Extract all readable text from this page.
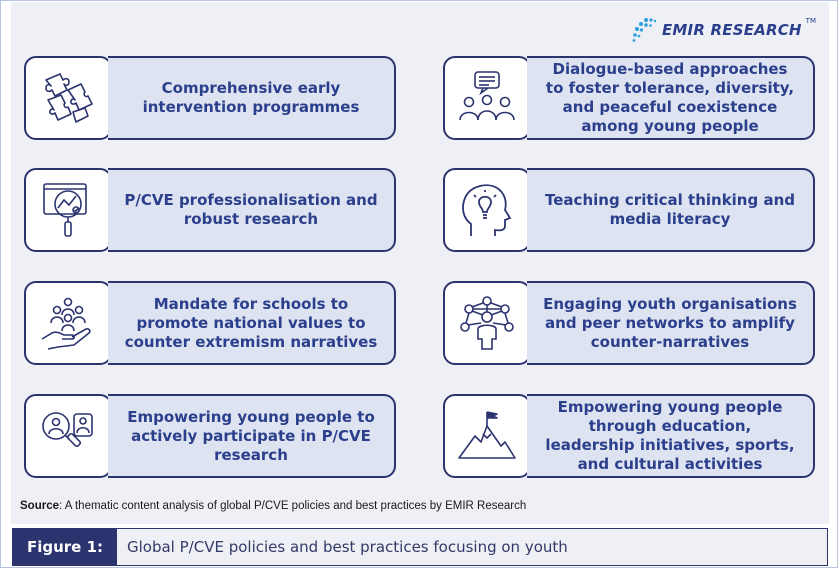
EMIR RESEARCH TM
Comprehensive early intervention programmes
Dialogue-based approaches to foster tolerance, diversity, and peaceful coexistence among young people
P/CVE professionalisation and robust research
Teaching critical thinking and media literacy
Mandate for schools to promote national values to counter extremism narratives
Engaging youth organisations and peer networks to amplify counter-narratives
Empowering young people to actively participate in P/CVE research
Empowering young people through education, leadership initiatives, sports, and cultural activities
Source: A thematic content analysis of global P/CVE policies and best practices by EMIR Research
Figure 1:	Global P/CVE policies and best practices focusing on youth
